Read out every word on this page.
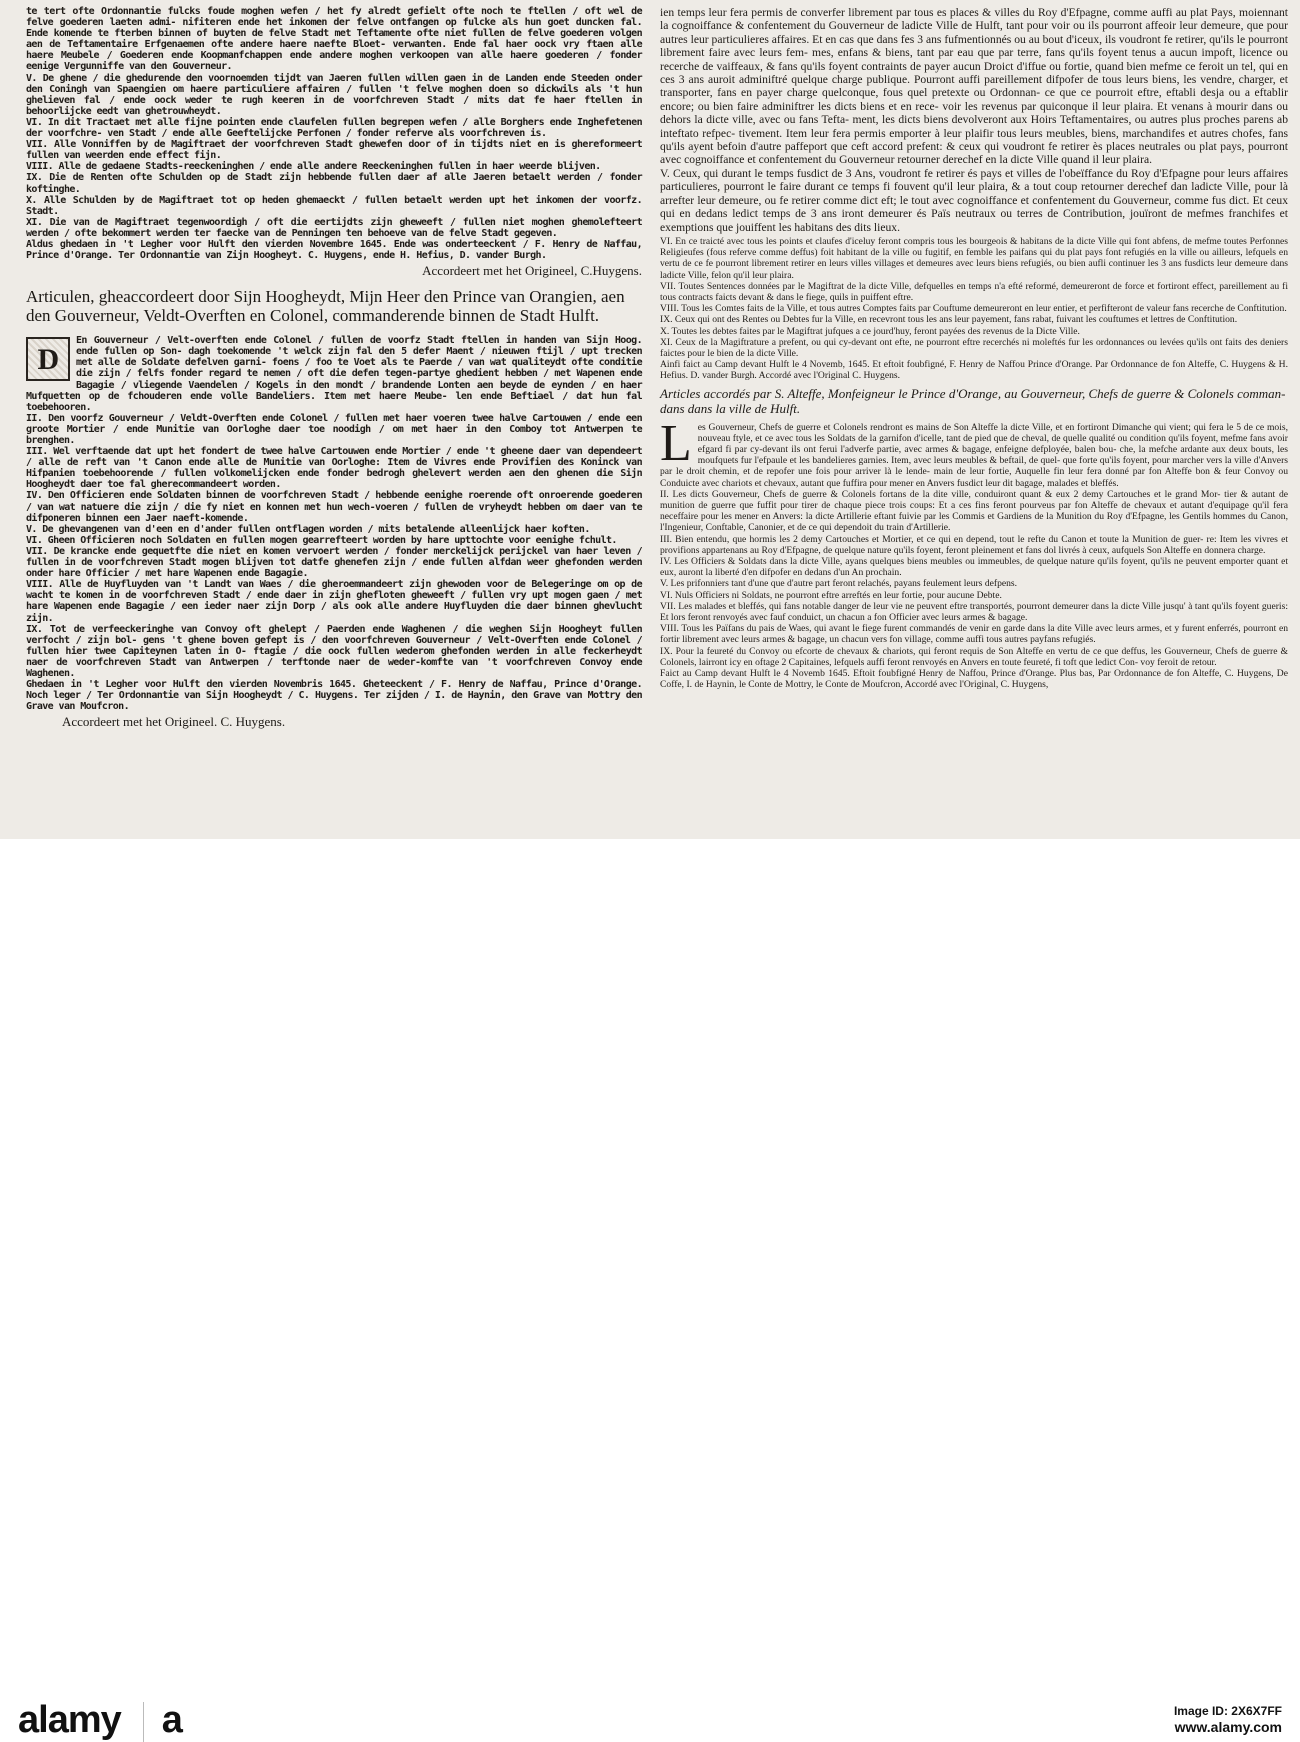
te tert ofte Ordonnantie fulcks foude moghen wefen / het fy alredt gefielt ofte noch te ftellen / oft wel de felve goederen laeten admi- nifiteren ende het inkomen der felve ontfangen op fulcke als hun goet duncken fal. Ende komende te fterben binnen of buyten de felve Stadt met Teftamente ofte niet fullen de felve goederen volgen aen de Teftamentaire Erfgenaemen ofte andere haere naefte Bloet- verwanten. Ende fal haer oock vry ftaen alle haere Meubele / Goederen ende Koopmanfchappen ende andere moghen verkoopen van alle haere goederen / fonder eenige Vergunniffe van den Gouverneur.

V. De ghene / die ghedurende den voornoemden tijdt van Jaeren fullen willen gaen in de Landen ende Steeden onder den Coningh van Spaengien om haere particuliere affairen / fullen 't felve moghen doen so dickwils als 't hun ghelieven fal / ende oock weder te rugh keeren in de voorfchreven Stadt / mits dat fe haer ftellen in behoorlijcke eedt van ghetrouwheydt.

VI. In dit Tractaet met alle fijne pointen ende claufelen fullen begrepen wefen / alle Borghers ende Inghefetenen der voorfchre- ven Stadt / ende alle Geeftelijcke Perfonen / fonder referve als voorfchreven is.

VII. Alle Vonniffen by de Magiftraet der voorfchreven Stadt ghewefen door of in tijdts niet en is ghereformeert fullen van weerden ende effect fijn.

VIII. Alle de gedaene Stadts-reeckeninghen / ende alle andere Reeckeninghen fullen in haer weerde blijven.

IX. Die de Renten ofte Schulden op de Stadt zijn hebbende fullen daer af alle Jaeren betaelt werden / fonder koftinghe.

X. Alle Schulden by de Magiftraet tot op heden ghemaeckt / fullen betaelt werden upt het inkomen der voorfz. Stadt.

XI. Die van de Magiftraet tegenwoordigh / oft die eertijdts zijn gheweeft / fullen niet moghen ghemolefteert werden / ofte bekommert werden ter faecke van de Penningen ten behoeve van de felve Stadt gegeven.

Aldus ghedaen in 't Legher voor Hulft den vierden Novembre 1645. Ende was onderteeckent / F. Henry de Naffau, Prince d'Orange. Ter Ordonnantie van Zijn Hoogheyt. C. Huygens, ende H. Hefius, D. vander Burgh.

Accordeert met het Origineel, C.Huygens.
Articulen, gheaccordeert door Sijn Hoogheydt, Mijn Heer den Prince van Orangien, aen den Gouverneur, Veldt-Overften en Colonel, commanderende binnen de Stadt Hulft.
D

En Gouverneur / Velt-overften ende Colonel / fullen de voorfz Stadt ftellen in handen van Sijn Hoog. ende fullen op Son- dagh toekomende 't welck zijn fal den 5 defer Maent / nieuwen ftijl / upt trecken met alle de Soldate defelven garni- foens / foo te Voet als te Paerde / van wat qualiteydt ofte conditie die zijn / felfs fonder regard te nemen / oft die defen tegen-partye ghedient hebben / met Wapenen ende Bagagie / vliegende Vaendelen / Kogels in den mondt / brandende Lonten aen beyde de eynden / en haer Mufquetten op de fchouderen ende volle Bandeliers. Item met haere Meube- len ende Beftiael / dat hun fal toebehooren.

II. Den voorfz Gouverneur / Veldt-Overften ende Colonel / fullen met haer voeren twee halve Cartouwen / ende een groote Mortier / ende Munitie van Oorloghe daer toe noodigh / om met haer in den Comboy tot Antwerpen te brenghen.

III. Wel verftaende dat upt het fondert de twee halve Cartouwen ende Mortier / ende 't gheene daer van dependeert / alle de reft van 't Canon ende alle de Munitie van Oorloghe: Item de Vivres ende Provifien des Koninck van Hifpanien toebehoorende / fullen volkomelijcken ende fonder bedrogh ghelevert werden aen den ghenen die Sijn Hoogheydt daer toe fal gherecommandeert worden.

IV. Den Officieren ende Soldaten binnen de voorfchreven Stadt / hebbende eenighe roerende oft onroerende goederen / van wat natuere die zijn / die fy niet en konnen met hun wech-voeren / fullen de vryheydt hebben om daer van te difponeren binnen een Jaer naeft-komende.

V. De ghevangenen van d'een en d'ander fullen ontflagen worden / mits betalende alleenlijck haer koften.

VI. Gheen Officieren noch Soldaten en fullen mogen gearrefteert worden by hare upttochte voor eenighe fchult.

VII. De krancke ende gequetfte die niet en komen vervoert werden / fonder merckelijck perijckel van haer leven / fullen in de voorfchreven Stadt mogen blijven tot datfe ghenefen zijn / ende fullen alfdan weer ghefonden werden onder hare Officier / met hare Wapenen ende Bagagie.

VIII. Alle de Huyfluyden van 't Landt van Waes / die gheroemmandeert zijn ghewoden voor de Belegeringe om op de wacht te komen in de voorfchreven Stadt / ende daer in zijn ghefloten gheweeft / fullen vry upt mogen gaen / met hare Wapenen ende Bagagie / een ieder naer zijn Dorp / als ook alle andere Huyfluyden die daer binnen ghevlucht zijn.

IX. Tot de verfeeckeringhe van Convoy oft ghelept / Paerden ende Waghenen / die weghen Sijn Hoogheyt fullen verfocht / zijn bol- gens 't ghene boven gefept is / den voorfchreven Gouverneur / Velt-Overften ende Colonel / fullen hier twee Capiteynen laten in O- ftagie / die oock fullen wederom ghefonden werden in alle feckerheydt naer de voorfchreven Stadt van Antwerpen / terftonde naer de weder-komfte van 't voorfchreven Convoy ende Waghenen.

Ghedaen in 't Legher voor Hulft den vierden Novembris 1645. Gheteeckent / F. Henry de Naffau, Prince d'Orange. Noch leger / Ter Ordonnantie van Sijn Hoogheydt / C. Huygens. Ter zijden / I. de Haynin, den Grave van Mottry den Grave van Moufcron.

Accordeert met het Origineel. C. Huygens.

ien temps leur fera permis de converfer librement par tous es places & villes du Roy d'Efpagne, comme auffi au plat Pays, moiennant la cognoiffance & confentement du Gouverneur de ladicte Ville de Hulft, tant pour voir ou ils pourront affeoir leur demeure, que pour autres leur particulieres affaires. Et en cas que dans fes 3 ans fufmentionnés ou au bout d'iceux, ils voudront fe retirer, qu'ils le pourront librement faire avec leurs fem- mes, enfans & biens, tant par eau que par terre, fans qu'ils foyent tenus a aucun impoft, licence ou recerche de vaiffeaux, & fans qu'ils foyent contraints de payer aucun Droict d'iffue ou fortie, quand bien mefme ce feroit un tel, qui en ces 3 ans auroit adminiftré quelque charge publique. Pourront auffi pareillement difpofer de tous leurs biens, les vendre, charger, et transporter, fans en payer charge quelconque, fous quel pretexte ou Ordonnan- ce que ce pourroit eftre, eftabli desja ou a eftablir encore; ou bien faire adminiftrer les dicts biens et en rece- voir les revenus par quiconque il leur plaira. Et venans à mourir dans ou dehors la dicte ville, avec ou fans Tefta- ment, les dicts biens devolveront aux Hoirs Teftamentaires, ou autres plus proches parens ab inteftato refpec- tivement. Item leur fera permis emporter à leur plaifir tous leurs meubles, biens, marchandifes et autres chofes, fans qu'ils ayent befoin d'autre paffeport que ceft accord prefent: & ceux qui voudront fe retirer ès places neutrales ou plat pays, pourront avec cognoiffance et confentement du Gouverneur retourner derechef en la dicte Ville quand il leur plaira.

V. Ceux, qui durant le temps fusdict de 3 Ans, voudront fe retirer és pays et villes de l'obeïffance du Roy d'Efpagne pour leurs affaires particulieres, pourront le faire durant ce temps fi fouvent qu'il leur plaira, & a tout coup retourner derechef dan ladicte Ville, pour là arrefter leur demeure, ou fe retirer comme dict eft; le tout avec cognoiffance et confentement du Gouverneur, comme fus dict. Et ceux qui en dedans ledict temps de 3 ans iront demeurer és Païs neutraux ou terres de Contribution, jouïront de mefmes franchifes et exemptions que jouiffent les habitans des dits lieux.

VI. En ce traicté avec tous les points et claufes d'iceluy feront compris tous les bourgeois & habitans de la dicte Ville qui font abfens, de mefme toutes Perfonnes Religieufes (fous referve comme deffus) foit habitant de la ville ou fugitif, en femble les paifans qui du plat pays font refugiés en la ville ou ailleurs, lefquels en vertu de ce fe pourront librement retirer en leurs villes villages et demeures avec leurs biens refugiés, ou bien aufli continuer les 3 ans fusdicts leur demeure dans ladicte Ville, felon qu'il leur plaira.

VII. Toutes Sentences données par le Magiftrat de la dicte Ville, defquelles en temps n'a efté reformé, demeureront de force et fortiront effect, pareillement au fi tous contracts faicts devant & dans le fiege, quils in puiffent eftre.

VIII. Tous les Comtes faits de la Ville, et tous autres Comptes faits par Couftume demeureront en leur entier, et perfifteront de valeur fans recerche de Conftitution.

IX. Ceux qui ont des Rentes ou Debtes fur la Ville, en recevront tous les ans leur payement, fans rabat, fuivant les couftumes et lettres de Conftitution.

X. Toutes les debtes faites par le Magiftrat jufques a ce jourd'huy, feront payées des revenus de la Dicte Ville.

XI. Ceux de la Magiftrature a prefent, ou qui cy-devant ont efte, ne pourront eftre recerchés ni moleftés fur les ordonnances ou levées qu'ils ont faits des deniers faictes pour le bien de la dicte Ville.

Ainfi faict au Camp devant Hulft le 4 Novemb, 1645. Et eftoit foubfigné, F. Henry de Naffou Prince d'Orange. Par Ordonnance de fon Alteffe, C. Huygens & H. Hefius. D. vander Burgh. Accordé avec l'Original C. Huygens.

Articles accordés par S. Alteffe, Monfeigneur le Prince d'Orange, au Gouverneur, Chefs de guerre & Colonels comman- dans dans la ville de Hulft.
L es Gouverneur, Chefs de guerre et Colonels rendront es mains de Son Alteffe la dicte Ville, et en fortiront Dimanche qui vient; qui fera le 5 de ce mois, nouveau ftyle, et ce avec tous les Soldats de la garnifon d'icelle, tant de pied que de cheval, de quelle qualité ou condition qu'ils foyent, mefme fans avoir efgard fi par cy-devant ils ont ferui l'adverfe partie, avec armes & bagage, enfeigne defployée, balen bou- che, la mefche ardante aux deux bouts, les moufquets fur l'efpaule et les bandelieres garnies. Item, avec leurs meubles & beftail, de quel- que forte qu'ils foyent, pour marcher vers la ville d'Anvers par le droit chemin, et de repofer une fois pour arriver là le lende- main de leur fortie, Auquelle fin leur fera donné par fon Alteffe bon & feur Convoy ou Conduicte avec chariots et chevaux, autant que fuffira pour mener en Anvers fusdict leur dit bagage, malades et bleffés.

II. Les dicts Gouverneur, Chefs de guerre & Colonels fortans de la dite ville, conduiront quant & eux 2 demy Cartouches et le grand Mor- tier & autant de munition de guerre que fuffit pour tirer de chaque piece trois coups: Et a ces fins feront pourveus par fon Alteffe de chevaux et autant d'equipage qu'il fera neceffaire pour les mener en Anvers: la dicte Artillerie eftant fuivie par les Commis et Gardiens de la Munition du Roy d'Efpagne, les Gentils hommes du Canon, l'Ingenieur, Conftable, Canonier, et de ce qui dependoit du train d'Artillerie.

III. Bien entendu, que hormis les 2 demy Cartouches et Mortier, et ce qui en depend, tout le refte du Canon et toute la Munition de guer- re: Item les vivres et provifions appartenans au Roy d'Efpagne, de quelque nature qu'ils foyent, feront pleinement et fans dol livrés à ceux, aufquels Son Alteffe en donnera charge.

IV. Les Officiers & Soldats dans la dicte Ville, ayans quelques biens meubles ou immeubles, de quelque nature qu'ils foyent, qu'ils ne peuvent emporter quant et eux, auront la liberté d'en difpofer en dedans d'un An prochain.

V. Les prifonniers tant d'une que d'autre part feront relachés, payans feulement leurs defpens.

VI. Nuls Officiers ni Soldats, ne pourront eftre arreftés en leur fortie, pour aucune Debte.

VII. Les malades et bleffés, qui fans notable danger de leur vie ne peuvent eftre transportés, pourront demeurer dans la dicte Ville jusqu' à tant qu'ils foyent gueris: Et lors feront renvoyés avec fauf conduict, un chacun a fon Officier avec leurs armes & bagage.

VIII. Tous les Païfans du pais de Waes, qui avant le fiege furent commandés de venir en garde dans la dite Ville avec leurs armes, et y furent enferrés, pourront en fortir librement avec leurs armes & bagage, un chacun vers fon village, comme auffi tous autres payfans refugiés.

IX. Pour la feureté du Convoy ou efcorte de chevaux & chariots, qui feront requis de Son Alteffe en vertu de ce que deffus, les Gouverneur, Chefs de guerre & Colonels, lairront icy en oftage 2 Capitaines, lefquels auffi feront renvoyés en Anvers en toute feureté, fi toft que ledict Con- voy feroit de retour.

Faict au Camp devant Hulft le 4 Novemb 1645. Eftoit foubfigné Henry de Naffou, Prince d'Orange. Plus bas, Par Ordonnance de fon Alteffe, C. Huygens, De Coffe, I. de Haynin, le Conte de Mottry, le Conte de Moufcron, Accordé avec l'Original, C. Huygens,

alamy a	Image ID: 2X6X7FF
www.alamy.com
